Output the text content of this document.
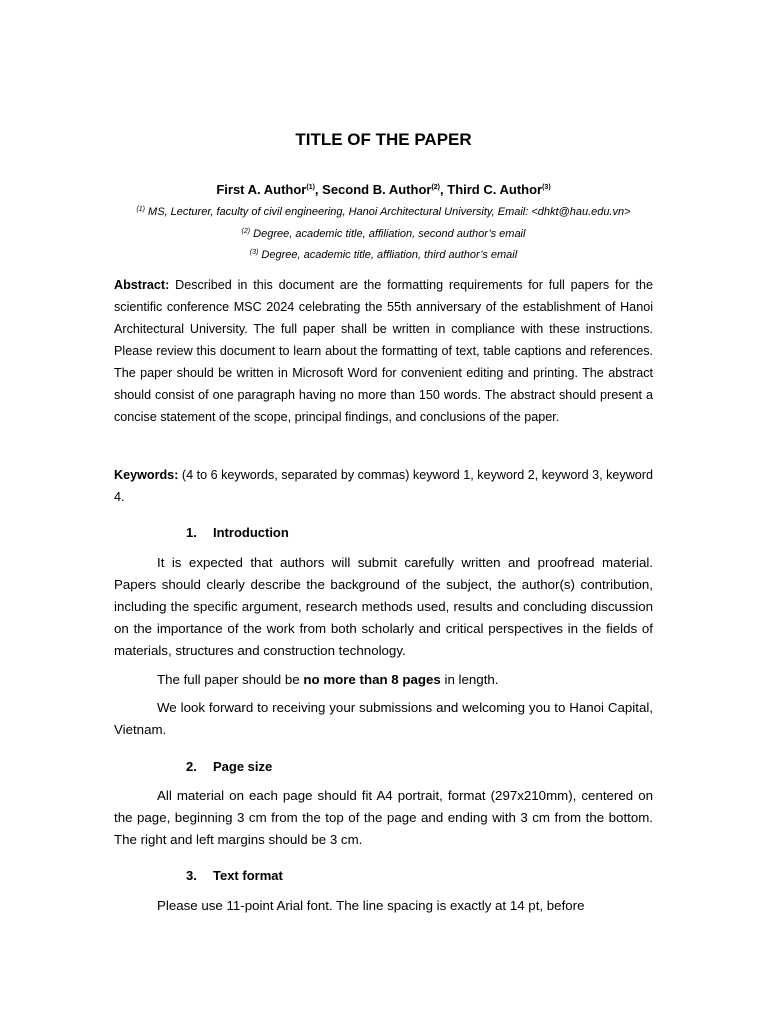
TITLE OF THE PAPER
First A. Author$^{(1)}$, Second B. Author$^{(2)}$, Third C. Author$^{(3)}$
$^{(1)}$ MS, Lecturer, faculty of civil engineering, Hanoi Architectural University, Email: <dhkt@hau.edu.vn>
$^{(2)}$ Degree, academic title, affiliation, second author’s email
$^{(3)}$ Degree, academic title, affliation, third author’s email
Abstract: Described in this document are the formatting requirements for full papers for the scientific conference MSC 2024 celebrating the 55th anniversary of the establishment of Hanoi Architectural University. The full paper shall be written in compliance with these instructions. Please review this document to learn about the formatting of text, table captions and references. The paper should be written in Microsoft Word for convenient editing and printing. The abstract should consist of one paragraph having no more than 150 words. The abstract should present a concise statement of the scope, principal findings, and conclusions of the paper.
Keywords: (4 to 6 keywords, separated by commas) keyword 1, keyword 2, keyword 3, keyword 4.
1. Introduction
It is expected that authors will submit carefully written and proofread material. Papers should clearly describe the background of the subject, the author(s) contribution, including the specific argument, research methods used, results and concluding discussion on the importance of the work from both scholarly and critical perspectives in the fields of materials, structures and construction technology.
The full paper should be no more than 8 pages in length.
We look forward to receiving your submissions and welcoming you to Hanoi Capital, Vietnam.
2. Page size
All material on each page should fit A4 portrait, format (297x210mm), centered on the page, beginning 3 cm from the top of the page and ending with 3 cm from the bottom. The right and left margins should be 3 cm.
3. Text format
Please use 11-point Arial font. The line spacing is exactly at 14 pt, before
